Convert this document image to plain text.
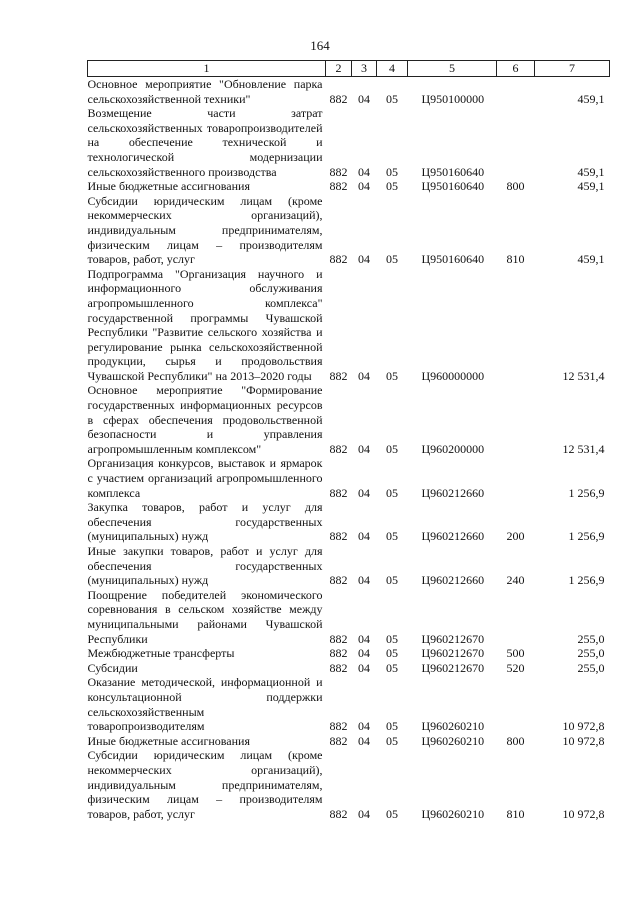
164
1	2	3	4	5	6	7
Основное мероприятие "Обновление парка сельскохозяйственной техники"	882	04	05	Ц950100000		459,1
Возмещение части затрат сельскохозяйственных товаропроизводителей на обеспечение технической и технологической модернизации сельскохозяйственного производства	882	04	05	Ц950160640		459,1
Иные бюджетные ассигнования	882	04	05	Ц950160640	800	459,1
Субсидии юридическим лицам (кроме некоммерческих организаций), индивидуальным предпринимателям, физическим лицам – производителям товаров, работ, услуг	882	04	05	Ц950160640	810	459,1
Подпрограмма "Организация научного и информационного обслуживания агропромышленного комплекса" государственной программы Чувашской Республики "Развитие сельского хозяйства и регулирование рынка сельскохозяйственной продукции, сырья и продовольствия Чувашской Республики" на 2013–2020 годы	882	04	05	Ц960000000		12 531,4
Основное мероприятие "Формирование государственных информационных ресурсов в сферах обеспечения продовольственной безопасности и управления агропромышленным комплексом"	882	04	05	Ц960200000		12 531,4
Организация конкурсов, выставок и ярмарок с участием организаций агропромышленного комплекса	882	04	05	Ц960212660		1 256,9
Закупка товаров, работ и услуг для обеспечения государственных (муниципальных) нужд	882	04	05	Ц960212660	200	1 256,9
Иные закупки товаров, работ и услуг для обеспечения государственных (муниципальных) нужд	882	04	05	Ц960212660	240	1 256,9
Поощрение победителей экономического соревнования в сельском хозяйстве между муниципальными районами Чувашской Республики	882	04	05	Ц960212670		255,0
Межбюджетные трансферты	882	04	05	Ц960212670	500	255,0
Субсидии	882	04	05	Ц960212670	520	255,0
Оказание методической, информационной и консультационной поддержки сельскохозяйственным товаропроизводителям	882	04	05	Ц960260210		10 972,8
Иные бюджетные ассигнования	882	04	05	Ц960260210	800	10 972,8
Субсидии юридическим лицам (кроме некоммерческих организаций), индивидуальным предпринимателям, физическим лицам – производителям товаров, работ, услуг	882	04	05	Ц960260210	810	10 972,8
